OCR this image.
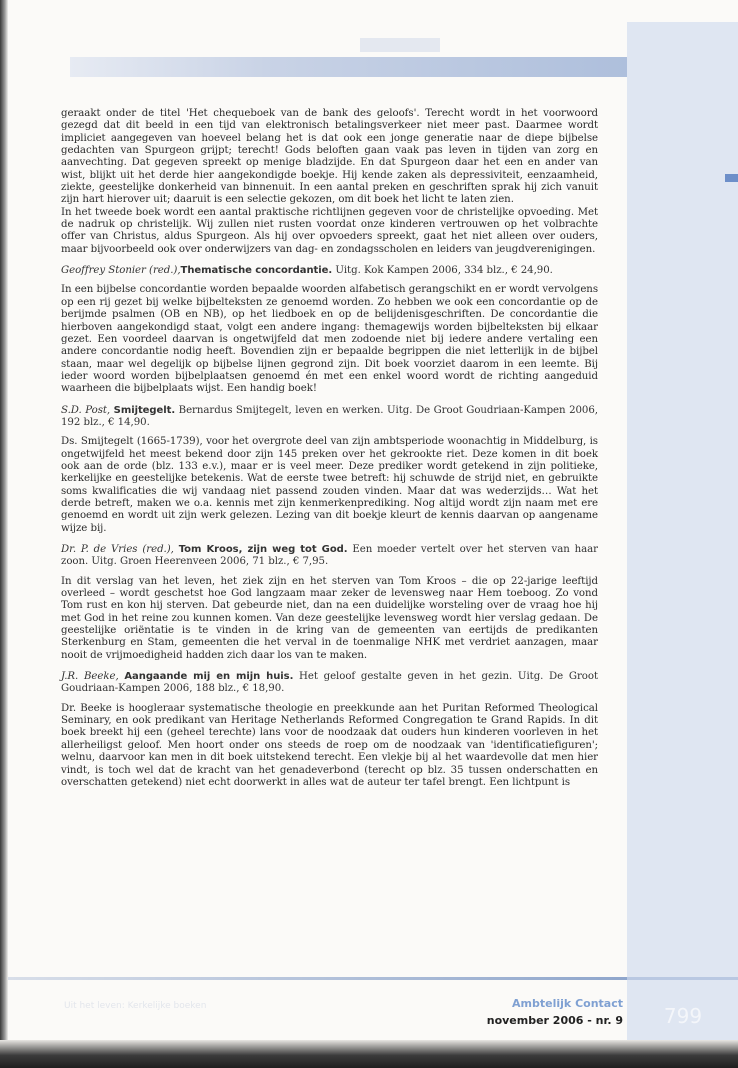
geraakt onder de titel 'Het chequeboek van de bank des geloofs'. Terecht wordt in het voorwoord gezegd dat dit beeld in een tijd van elektronisch betalingsverkeer niet meer past. Daarmee wordt impliciet aangegeven van hoeveel belang het is dat ook een jonge generatie naar de diepe bijbelse gedachten van Spurgeon grijpt; terecht! Gods beloften gaan vaak pas leven in tijden van zorg en aanvechting. Dat gegeven spreekt op menige bladzijde. En dat Spurgeon daar het een en ander van wist, blijkt uit het derde hier aangekondigde boekje. Hij kende zaken als depressiviteit, eenzaamheid, ziekte, geestelijke donkerheid van binnenuit. In een aantal preken en geschriften sprak hij zich vanuit zijn hart hierover uit; daaruit is een selectie gekozen, om dit boek het licht te laten zien.

In het tweede boek wordt een aantal praktische richtlijnen gegeven voor de christelijke opvoeding. Met de nadruk op christelijk. Wij zullen niet rusten voordat onze kinderen vertrouwen op het volbrachte offer van Christus, aldus Spurgeon. Als hij over opvoeders spreekt, gaat het niet alleen over ouders, maar bijvoorbeeld ook over onderwijzers van dag- en zondagsscholen en leiders van jeugdverenigingen.

Geoffrey Stonier (red.),Thematische concordantie. Uitg. Kok Kampen 2006, 334 blz., € 24,90.

In een bijbelse concordantie worden bepaalde woorden alfabetisch gerangschikt en er wordt vervolgens op een rij gezet bij welke bijbelteksten ze genoemd worden. Zo hebben we ook een concordantie op de berijmde psalmen (OB en NB), op het liedboek en op de belijdenisgeschriften. De concordantie die hierboven aangekondigd staat, volgt een andere ingang: themagewijs worden bijbelteksten bij elkaar gezet. Een voordeel daarvan is ongetwijfeld dat men zodoende niet bij iedere andere vertaling een andere concordantie nodig heeft. Bovendien zijn er bepaalde begrippen die niet letterlijk in de bijbel staan, maar wel degelijk op bijbelse lijnen gegrond zijn. Dit boek voorziet daarom in een leemte. Bij ieder woord worden bijbelplaatsen genoemd én met een enkel woord wordt de richting aangeduid waarheen die bijbelplaats wijst. Een handig boek!

S.D. Post, Smijtegelt. Bernardus Smijtegelt, leven en werken. Uitg. De Groot Goudriaan-Kampen 2006, 192 blz., € 14,90.

Ds. Smijtegelt (1665-1739), voor het overgrote deel van zijn ambtsperiode woonachtig in Middelburg, is ongetwijfeld het meest bekend door zijn 145 preken over het gekrookte riet. Deze komen in dit boek ook aan de orde (blz. 133 e.v.), maar er is veel meer. Deze prediker wordt getekend in zijn politieke, kerkelijke en geestelijke betekenis. Wat de eerste twee betreft: hij schuwde de strijd niet, en gebruikte soms kwalificaties die wij vandaag niet passend zouden vinden. Maar dat was wederzijds… Wat het derde betreft, maken we o.a. kennis met zijn kenmerkenprediking. Nog altijd wordt zijn naam met ere genoemd en wordt uit zijn werk gelezen. Lezing van dit boekje kleurt de kennis daarvan op aangename wijze bij.

Dr. P. de Vries (red.), Tom Kroos, zijn weg tot God. Een moeder vertelt over het sterven van haar zoon. Uitg. Groen Heerenveen 2006, 71 blz., € 7,95.

In dit verslag van het leven, het ziek zijn en het sterven van Tom Kroos – die op 22-jarige leeftijd overleed – wordt geschetst hoe God langzaam maar zeker de levensweg naar Hem toeboog. Zo vond Tom rust en kon hij sterven. Dat gebeurde niet, dan na een duidelijke worsteling over de vraag hoe hij met God in het reine zou kunnen komen. Van deze geestelijke levensweg wordt hier verslag gedaan. De geestelijke oriëntatie is te vinden in de kring van de gemeenten van eertijds de predikanten Sterkenburg en Stam, gemeenten die het verval in de toenmalige NHK met verdriet aanzagen, maar nooit de vrijmoedigheid hadden zich daar los van te maken.

J.R. Beeke, Aangaande mij en mijn huis. Het geloof gestalte geven in het gezin. Uitg. De Groot Goudriaan-Kampen 2006, 188 blz., € 18,90.

Dr. Beeke is hoogleraar systematische theologie en preekkunde aan het Puritan Reformed Theological Seminary, en ook predikant van Heritage Netherlands Reformed Congregation te Grand Rapids. In dit boek breekt hij een (geheel terechte) lans voor de noodzaak dat ouders hun kinderen voorleven in het allerheiligst geloof. Men hoort onder ons steeds de roep om de noodzaak van 'identificatiefiguren'; welnu, daarvoor kan men in dit boek uitstekend terecht. Een vlekje bij al het waardevolle dat men hier vindt, is toch wel dat de kracht van het genadeverbond (terecht op blz. 35 tussen onderschatten en overschatten getekend) niet echt doorwerkt in alles wat de auteur ter tafel brengt. Een lichtpunt is

Uit het leven: Kerkelijke boeken	Ambtelijk Contact
november 2006 - nr. 9	799
